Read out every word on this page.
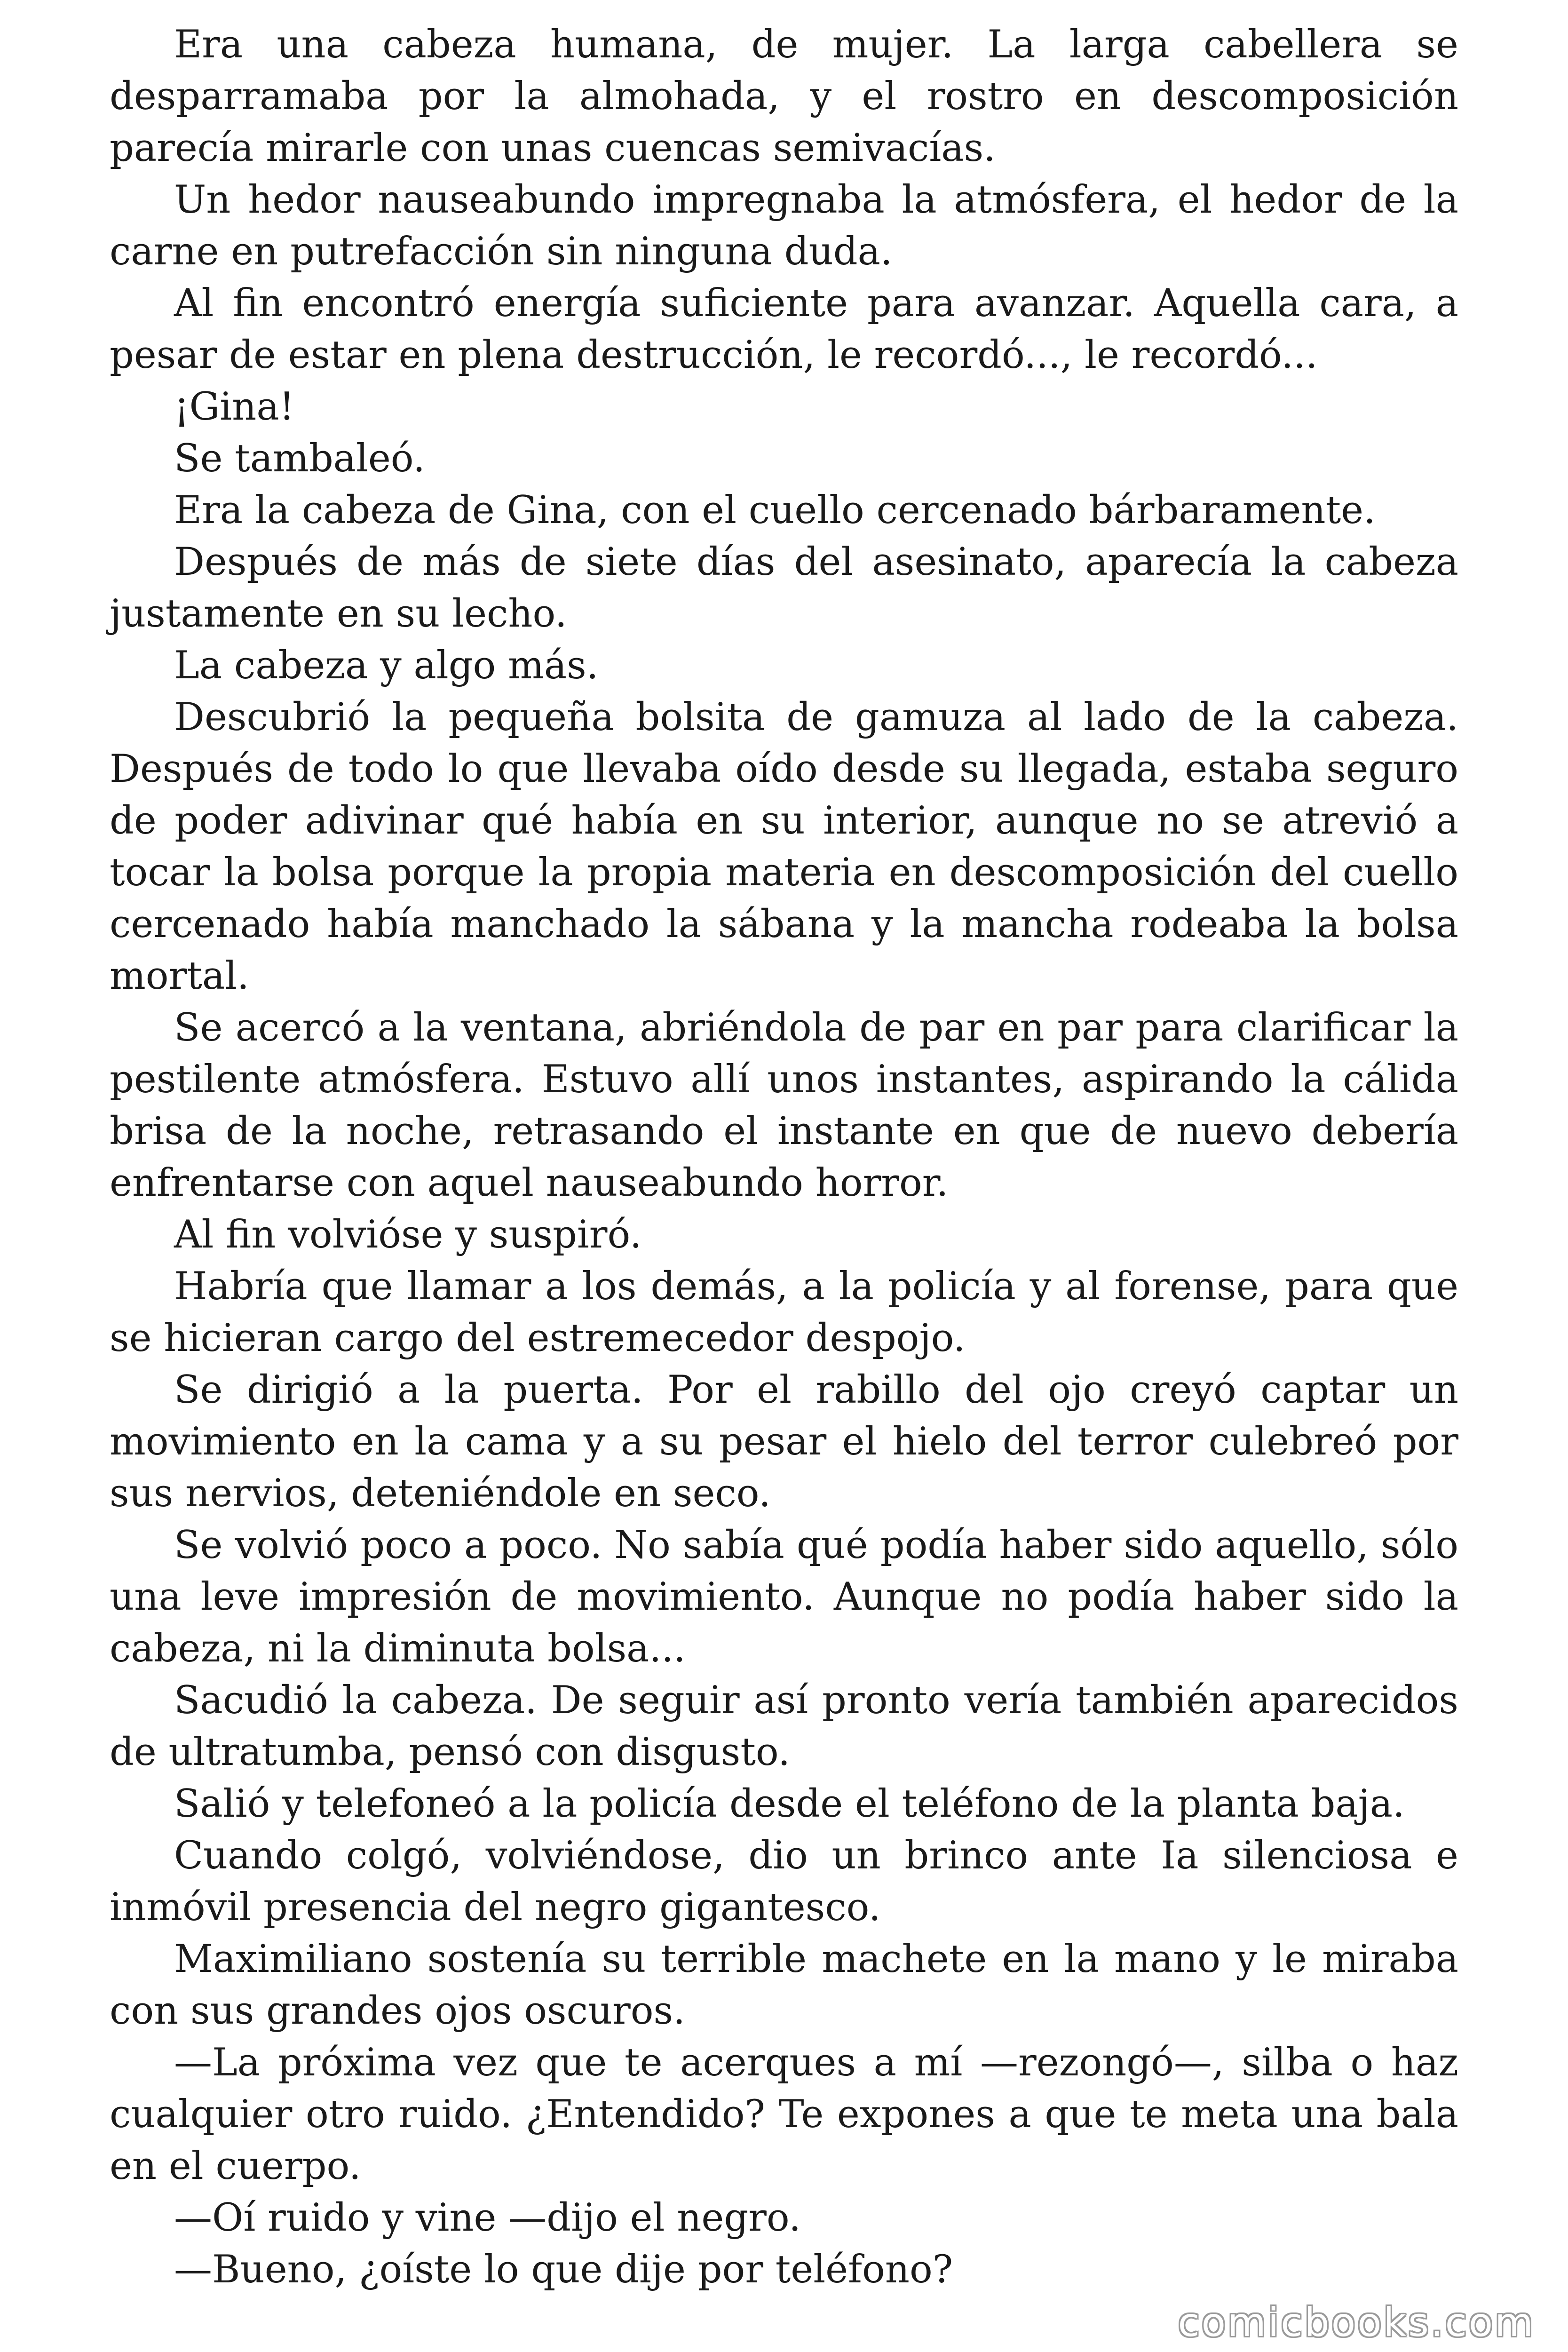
Era una cabeza humana, de mujer. La larga cabellera se desparramaba por la almohada, y el rostro en descomposición parecía mirarle con unas cuencas semivacías.

Un hedor nauseabundo impregnaba la atmósfera, el hedor de la carne en putrefacción sin ninguna duda.

Al fin encontró energía suficiente para avanzar. Aquella cara, a pesar de estar en plena destrucción, le recordó..., le recordó...

¡Gina!

Se tambaleó.

Era la cabeza de Gina, con el cuello cercenado bárbaramente.

Después de más de siete días del asesinato, aparecía la cabeza justamente en su lecho.

La cabeza y algo más.

Descubrió la pequeña bolsita de gamuza al lado de la cabeza. Después de todo lo que llevaba oído desde su llegada, estaba seguro de poder adivinar qué había en su interior, aunque no se atrevió a tocar la bolsa porque la propia materia en descomposición del cuello cercenado había manchado la sábana y la mancha rodeaba la bolsa mortal.

Se acercó a la ventana, abriéndola de par en par para clarificar la pestilente atmósfera. Estuvo allí unos instantes, aspirando la cálida brisa de la noche, retrasando el instante en que de nuevo debería enfrentarse con aquel nauseabundo horror.

Al fin volvióse y suspiró.

Habría que llamar a los demás, a la policía y al forense, para que se hicieran cargo del estremecedor despojo.

Se dirigió a la puerta. Por el rabillo del ojo creyó captar un movimiento en la cama y a su pesar el hielo del terror culebreó por sus nervios, deteniéndole en seco.

Se volvió poco a poco. No sabía qué podía haber sido aquello, sólo una leve impresión de movimiento. Aunque no podía haber sido la cabeza, ni la diminuta bolsa...

Sacudió la cabeza. De seguir así pronto vería también aparecidos de ultratumba, pensó con disgusto.

Salió y telefoneó a la policía desde el teléfono de la planta baja.

Cuando colgó, volviéndose, dio un brinco ante Ia silenciosa e inmóvil presencia del negro gigantesco.

Maximiliano sostenía su terrible machete en la mano y le miraba con sus grandes ojos oscuros.

—La próxima vez que te acerques a mí —rezongó—, silba o haz cualquier otro ruido. ¿Entendido? Te expones a que te meta una bala en el cuerpo.

—Oí ruido y vine —dijo el negro.

—Bueno, ¿oíste lo que dije por teléfono?

comicbooks.com
